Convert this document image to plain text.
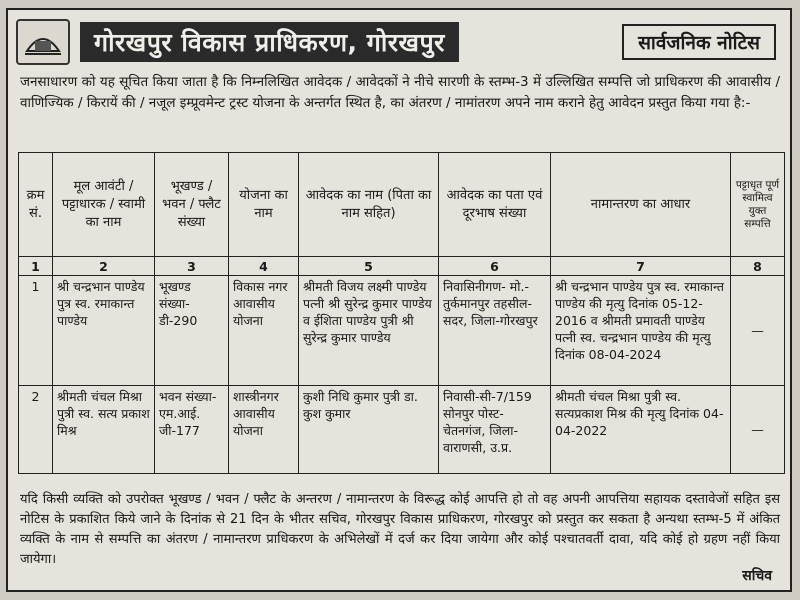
गोरखपुर विकास प्राधिकरण, गोरखपुर	सार्वजनिक नोटिस
जनसाधारण को यह सूचित किया जाता है कि निम्नलिखित आवेदक / आवेदकों ने नीचे सारणी के स्तम्भ-3 में उल्लिखित सम्पत्ति जो प्राधिकरण की आवासीय / वाणिज्यिक / किरायें की / नजूल इम्प्रूवमेन्ट ट्रस्ट योजना के अन्तर्गत स्थित है, का अंतरण / नामांतरण अपने नाम कराने हेतु आवेदन प्रस्तुत किया गया है:-
क्रम सं.	मूल आवंटी / पट्टाधारक / स्वामी का नाम	भूखण्ड / भवन / फ्लैट संख्या	योजना का नाम	आवेदक का नाम (पिता का नाम सहित)	आवेदक का पता एवं दूरभाष संख्या	नामान्तरण का आधार	पट्टाधृत पूर्ण स्वामित्व युक्त सम्पत्ति
1	2	3	4	5	6	7	8
1	श्री चन्द्रभान पाण्डेय पुत्र स्व. रमाकान्त पाण्डेय	भूखण्ड संख्या- डी-290	विकास नगर आवासीय योजना	श्रीमती विजय लक्ष्मी पाण्डेय पत्नी श्री सुरेन्द्र कुमार पाण्डेय व ईशिता पाण्डेय पुत्री श्री सुरेन्द्र कुमार पाण्डेय	निवासिनीगण- मो.-तुर्कमानपुर तहसील-सदर, जिला-गोरखपुर	श्री चन्द्रभान पाण्डेय पुत्र स्व. रमाकान्त पाण्डेय की मृत्यु दिनांक 05-12-2016 व श्रीमती प्रमावती पाण्डेय पत्नी स्व. चन्द्रभान पाण्डेय की मृत्यु दिनांक 08-04-2024	—
2	श्रीमती चंचल मिश्रा पुत्री स्व. सत्य प्रकाश मिश्र	भवन संख्या- एम.आई. जी-177	शास्त्रीनगर आवासीय योजना	कुशी निधि कुमार पुत्री डा. कुश कुमार	निवासी-सी-7/159 सोनपुर पोस्ट- चेतनगंज, जिला- वाराणसी, उ.प्र.	श्रीमती चंचल मिश्रा पुत्री स्व. सत्यप्रकाश मिश्र की मृत्यु दिनांक 04-04-2022	—
यदि किसी व्यक्ति को उपरोक्त भूखण्ड / भवन / फ्लैट के अन्तरण / नामान्तरण के विरूद्ध कोई आपत्ति हो तो वह अपनी आपत्तिया सहायक दस्तावेजों सहित इस नोटिस के प्रकाशित किये जाने के दिनांक से 21 दिन के भीतर सचिव, गोरखपुर विकास प्राधिकरण, गोरखपुर को प्रस्तुत कर सकता है अन्यथा स्तम्भ-5 में अंकित व्यक्ति के नाम से सम्पत्ति का अंतरण / नामान्तरण प्राधिकरण के अभिलेखों में दर्ज कर दिया जायेगा और कोई पश्चातवर्ती दावा, यदि कोई हो ग्रहण नहीं किया जायेगा।
सचिव
